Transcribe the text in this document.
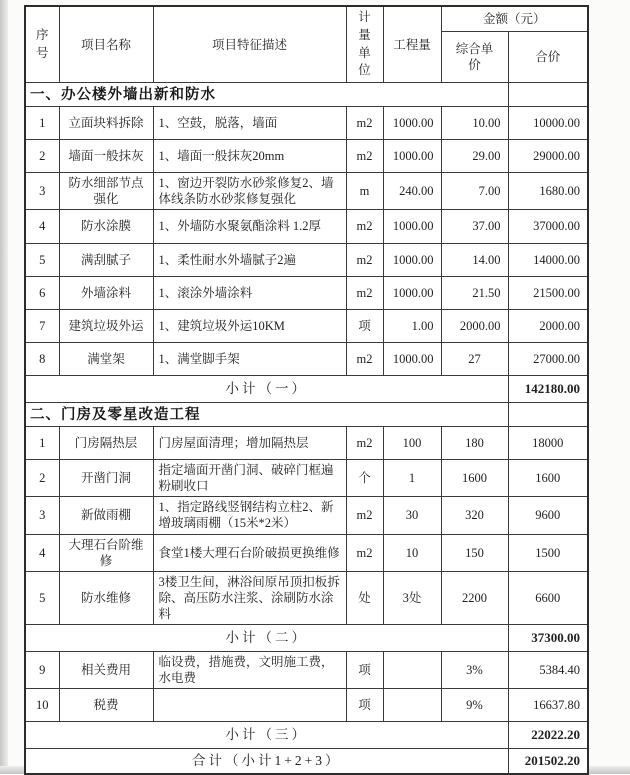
序号	项目名称	项目特征描述	计量单位	工程量	金额（元）	
					综合单价	合价
一、办公楼外墙出新和防水						
1	立面块料拆除	1、空鼓，脱落，墙面	m2	1000.00	10.00	10000.00
2	墙面一般抹灰	1、墙面一般抹灰20mm	m2	1000.00	29.00	29000.00
3	防水细部节点强化	1、窗边开裂防水砂浆修复2、墙体线条防水砂浆修复强化	m	240.00	7.00	1680.00
4	防水涂膜	1、外墙防水聚氨酯涂料 1.2厚	m2	1000.00	37.00	37000.00
5	满刮腻子	1、柔性耐水外墙腻子2遍	m2	1000.00	14.00	14000.00
6	外墙涂料	1、滚涂外墙涂料	m2	1000.00	21.50	21500.00
7	建筑垃圾外运	1、建筑垃圾外运10KM	项	1.00	2000.00	2000.00
8	满堂架	1、满堂脚手架	m2	1000.00	27	27000.00
小计（一）						142180.00
二、门房及零星改造工程						
1	门房隔热层	门房屋面清理；增加隔热层	m2	100	180	18000
2	开凿门洞	指定墙面开凿门洞、破碎门框遍粉刷收口	个	1	1600	1600
3	新做雨棚	1、指定路线竖钢结构立柱2、新增玻璃雨棚（15米*2米）	m2	30	320	9600
4	大理石台阶维修	食堂1楼大理石台阶破损更换维修	m2	10	150	1500
5	防水维修	3楼卫生间，淋浴间原吊顶扣板拆除、高压防水注浆、涂刷防水涂料	处	3处	2200	6600
小计（二）						37300.00
9	相关费用	临设费，措施费，文明施工费，水电费	项		3%	5384.40
10	税费		项		9%	16637.80
小计（三）						22022.20
合计（小计1+2+3）						201502.20
